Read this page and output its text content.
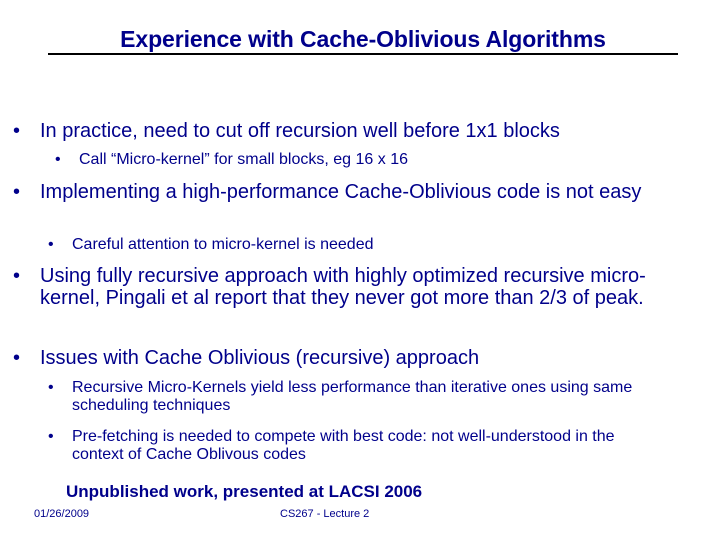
Experience with Cache-Oblivious Algorithms
• In practice, need to cut off recursion well before 1x1 blocks
• Call “Micro-kernel” for small blocks, eg 16 x 16
• Implementing a high-performance Cache-Oblivious code is not easy
• Careful attention to micro-kernel is needed
• Using fully recursive approach with highly optimized recursive micro-kernel, Pingali et al report that they never got more than 2/3 of peak.
• Issues with Cache Oblivious (recursive) approach
• Recursive Micro-Kernels yield less performance than iterative ones using same scheduling techniques
• Pre-fetching is needed to compete with best code: not well-understood in the context of Cache Oblivous codes
Unpublished work, presented at LACSI 2006
01/26/2009	CS267 - Lecture 2
